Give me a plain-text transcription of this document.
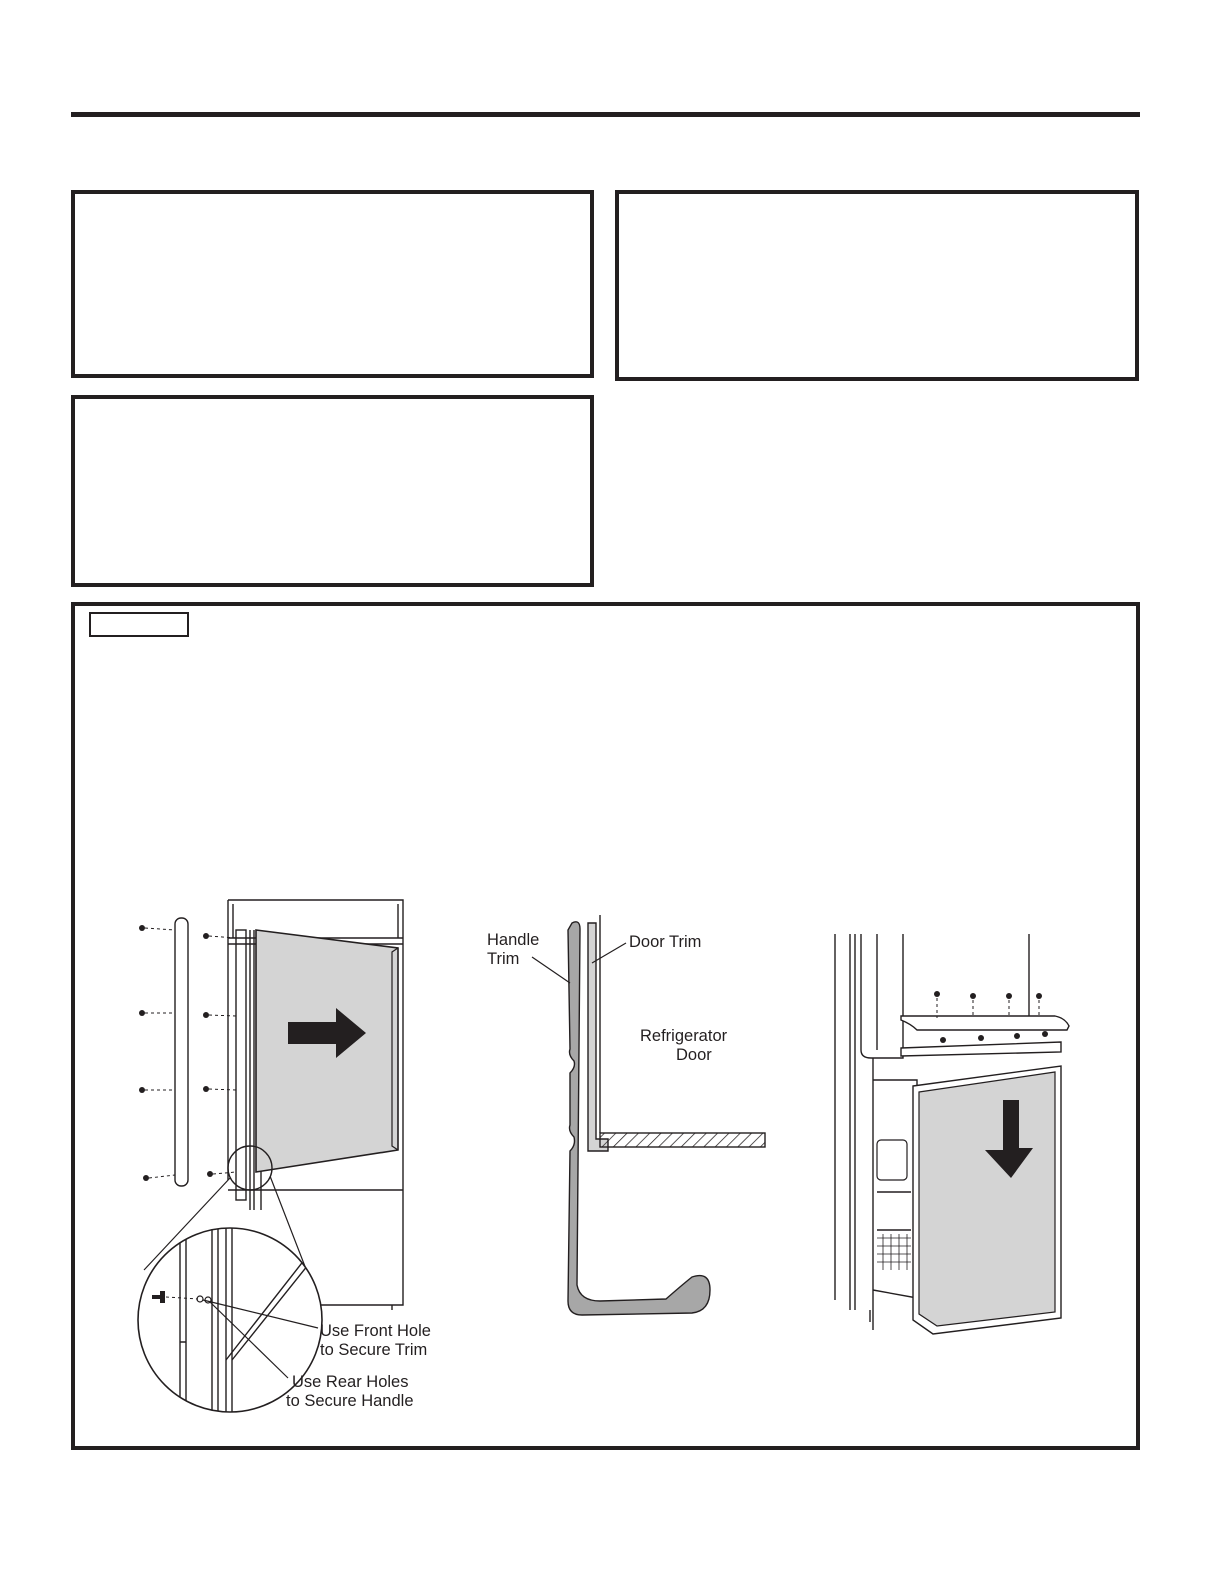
Use Front Hole
to Secure Trim
Use Rear Holes
to Secure Handle
Handle
Trim
Door Trim
Refrigerator
Door
